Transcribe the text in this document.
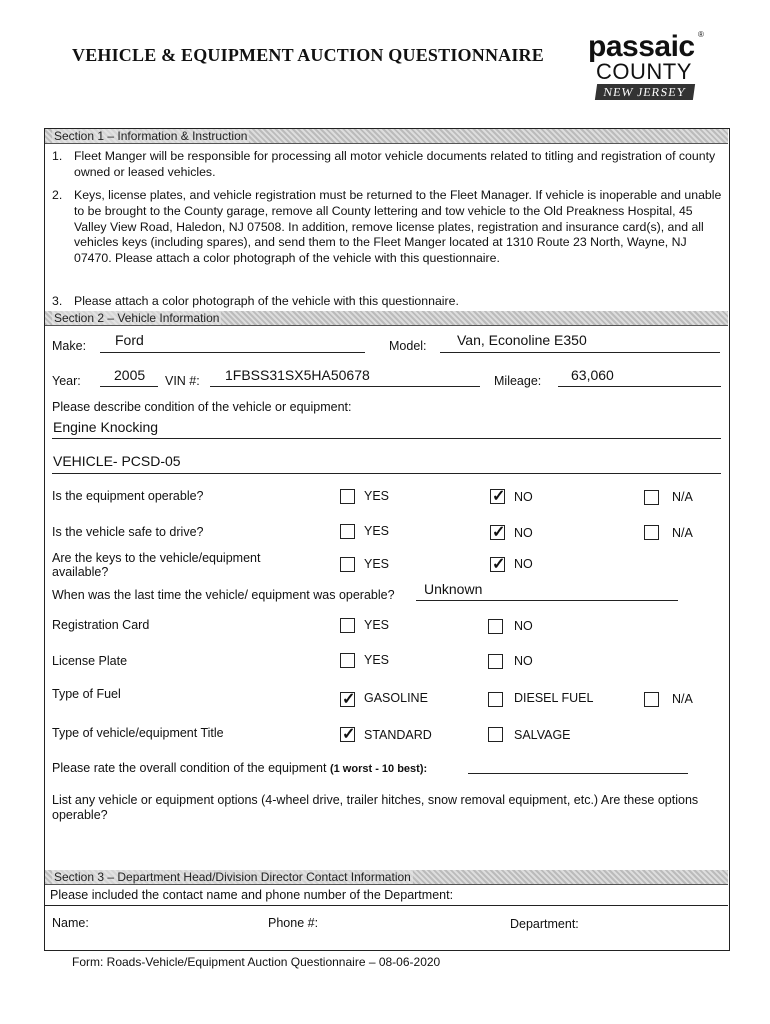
VEHICLE & EQUIPMENT AUCTION QUESTIONNAIRE passaic ®
COUNTY
NEW JERSEY
Section 1 – Information & Instruction
1. Fleet Manger will be responsible for processing all motor vehicle documents related to titling and registration of county owned or leased vehicles.
2. Keys, license plates, and vehicle registration must be returned to the Fleet Manager. If vehicle is inoperable and unable to be brought to the County garage, remove all County lettering and tow vehicle to the Old Preakness Hospital, 45 Valley View Road, Haledon, NJ 07508. In addition, remove license plates, registration and insurance card(s), and all vehicles keys (including spares), and send them to the Fleet Manger located at 1310 Route 23 North, Wayne, NJ 07470. Please attach a color photograph of the vehicle with this questionnaire.
3. Please attach a color photograph of the vehicle with this questionnaire.
Section 2 – Vehicle Information
Make: Ford	Model: Van, Econoline E350
Year: 2005 VIN #: 1FBSS31SX5HA50678	Mileage: 63,060
Please describe condition of the vehicle or equipment:
Engine Knocking
VEHICLE- PCSD-05
Is the equipment operable?	YES ✓	NO	N/A
Is the vehicle safe to drive?	YES ✓	NO	N/A
Are the keys to the vehicle/equipment available?
YES ✓	NO
When was the last time the vehicle/ equipment was operable? Unknown
Registration Card	YES	NO
License Plate	YES	NO
Type of Fuel ✓	GASOLINE	DIESEL FUEL	N/A
Type of vehicle/equipment Title ✓	STANDARD	SALVAGE
Please rate the overall condition of the equipment (1 worst - 10 best):
List any vehicle or equipment options (4-wheel drive, trailer hitches, snow removal equipment, etc.) Are these options operable?
Section 3 – Department Head/Division Director Contact Information
Please included the contact name and phone number of the Department:
Name:	Phone #:	Department:
Form: Roads-Vehicle/Equipment Auction Questionnaire – 08-06-2020
